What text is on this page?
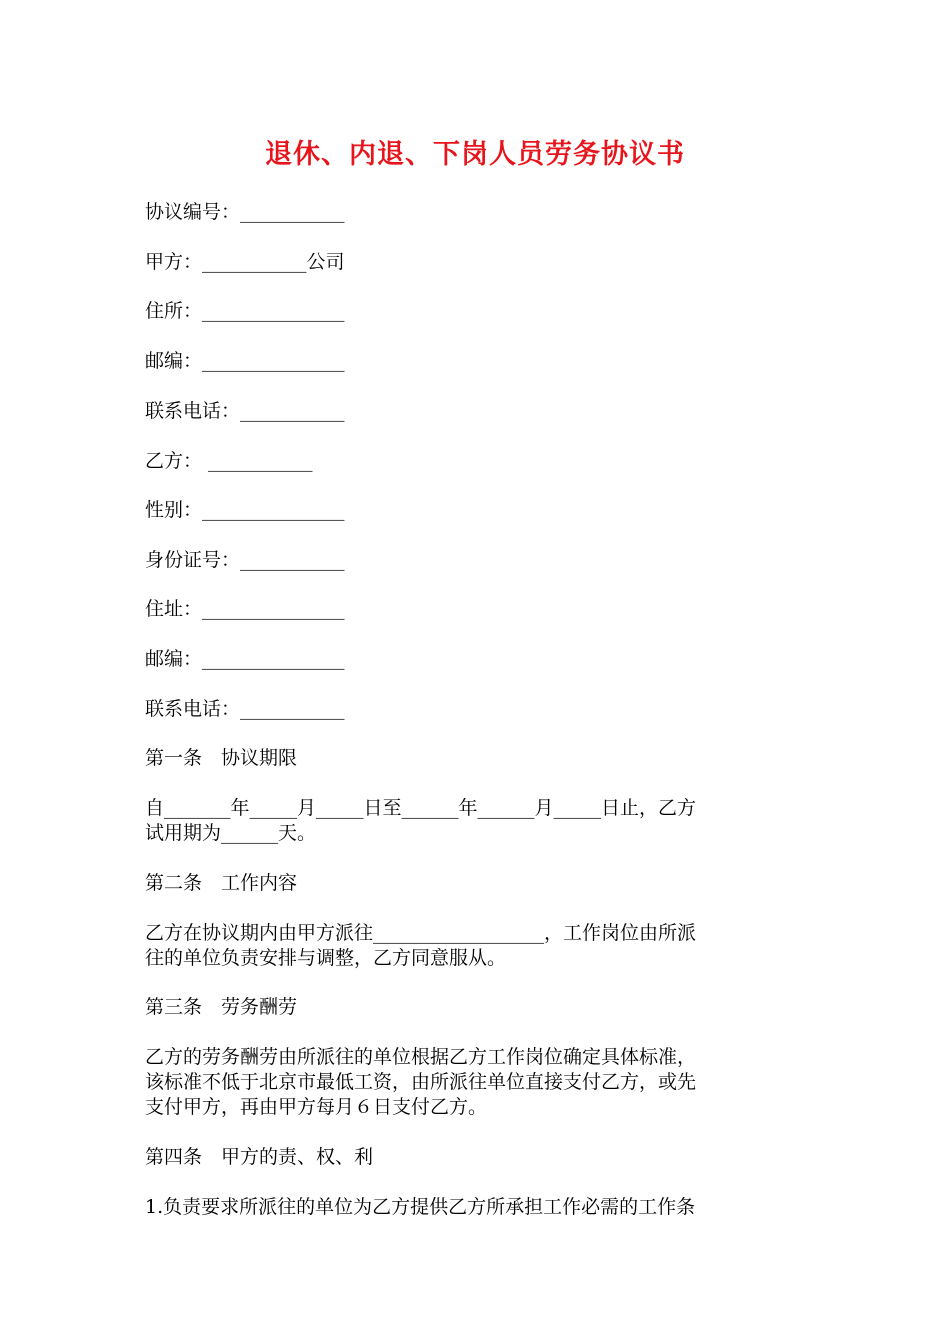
退休、内退、下岗人员劳务协议书
协议编号：___________
甲方：___________公司
住所：_______________
邮编：_______________
联系电话：___________
乙方： ___________
性别：_______________
身份证号：___________
住址：_______________
邮编：_______________
联系电话：___________
第一条　协议期限
自_______年_____月_____日至______年______月_____日止，乙方
试用期为______天。
第二条　工作内容
乙方在协议期内由甲方派往__________________，工作岗位由所派
往的单位负责安排与调整，乙方同意服从。
第三条　劳务酬劳
乙方的劳务酬劳由所派往的单位根据乙方工作岗位确定具体标准，
该标准不低于北京市最低工资，由所派往单位直接支付乙方，或先
支付甲方，再由甲方每月６日支付乙方。
第四条　甲方的责、权、利
1.负责要求所派往的单位为乙方提供乙方所承担工作必需的工作条
